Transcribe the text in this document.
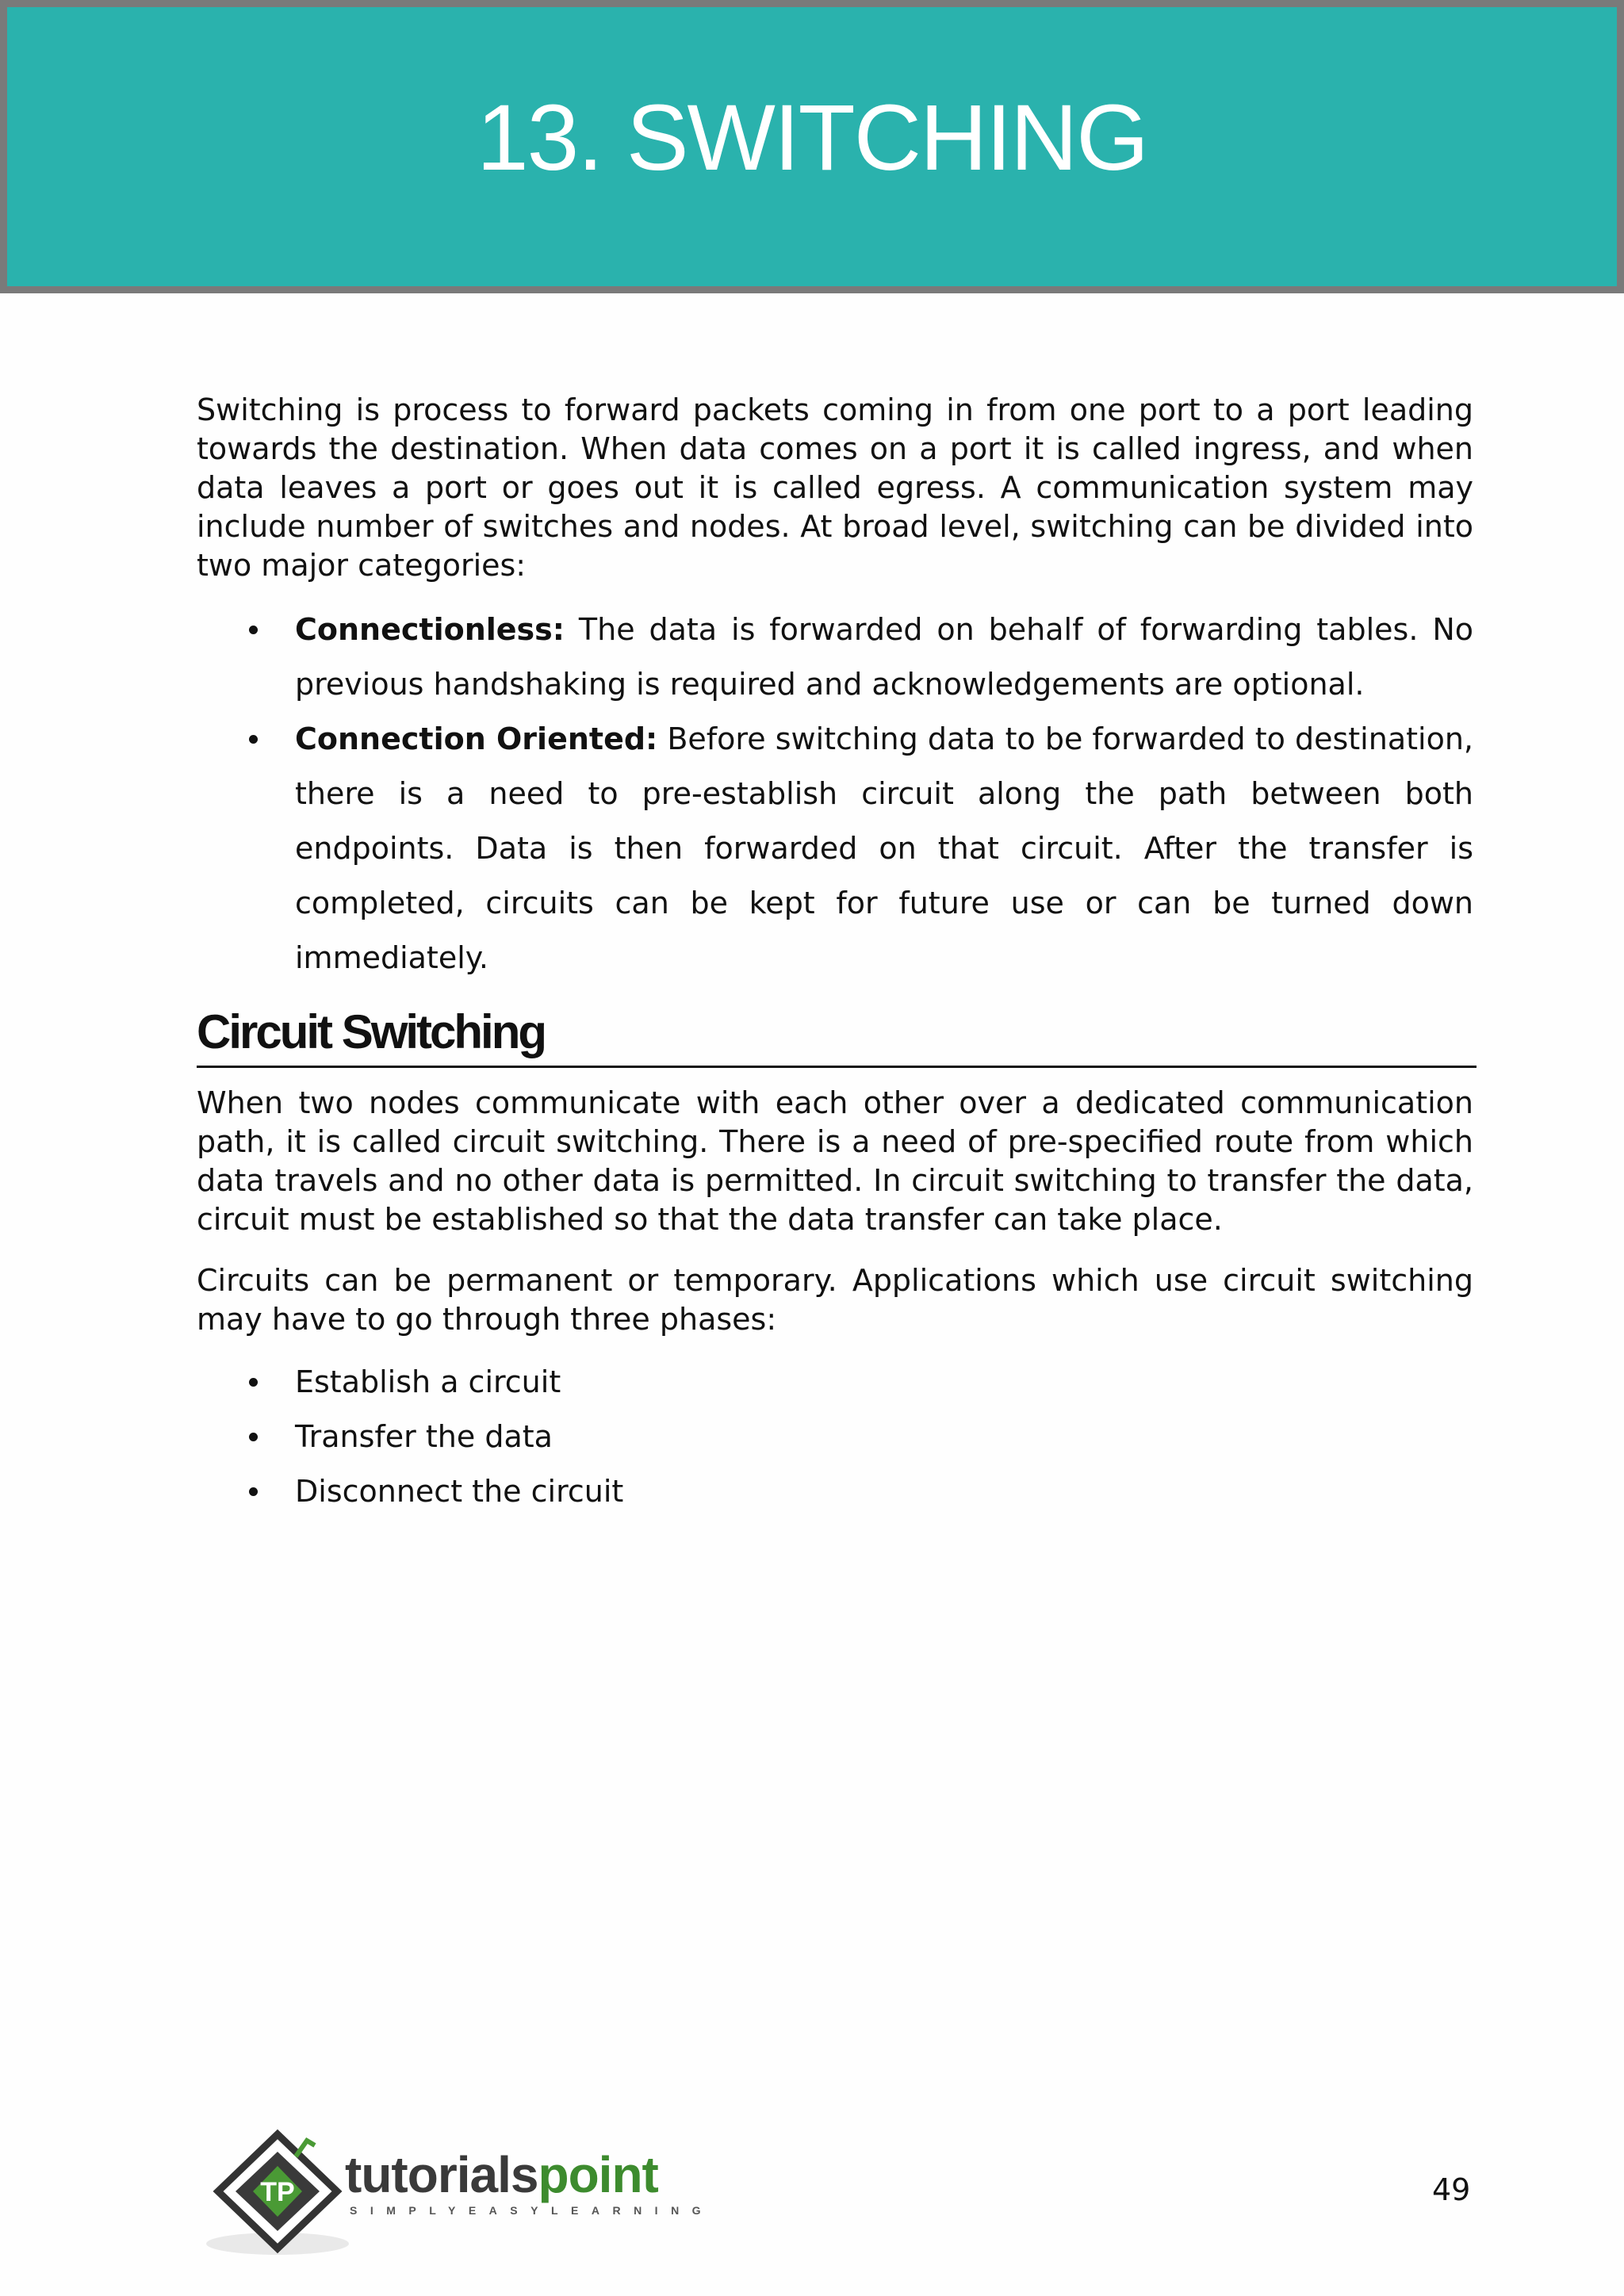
13. SWITCHING

Switching is process to forward packets coming in from one port to a port leading towards the destination. When data comes on a port it is called ingress, and when data leaves a port or goes out it is called egress. A communication system may include number of switches and nodes. At broad level, switching can be divided into two major categories:

Connectionless: The data is forwarded on behalf of forwarding tables. No previous handshaking is required and acknowledgements are optional.
Connection Oriented: Before switching data to be forwarded to destination, there is a need to pre-establish circuit along the path between both endpoints. Data is then forwarded on that circuit. After the transfer is completed, circuits can be kept for future use or can be turned down immediately.
Circuit Switching

When two nodes communicate with each other over a dedicated communication path, it is called circuit switching. There is a need of pre-specified route from which data travels and no other data is permitted. In circuit switching to transfer the data, circuit must be established so that the data transfer can take place.

Circuits can be permanent or temporary. Applications which use circuit switching may have to go through three phases:

Establish a circuit
Transfer the data
Disconnect the circuit
TP tutorialspoint
SIMPLYEASYLEARNING
49
